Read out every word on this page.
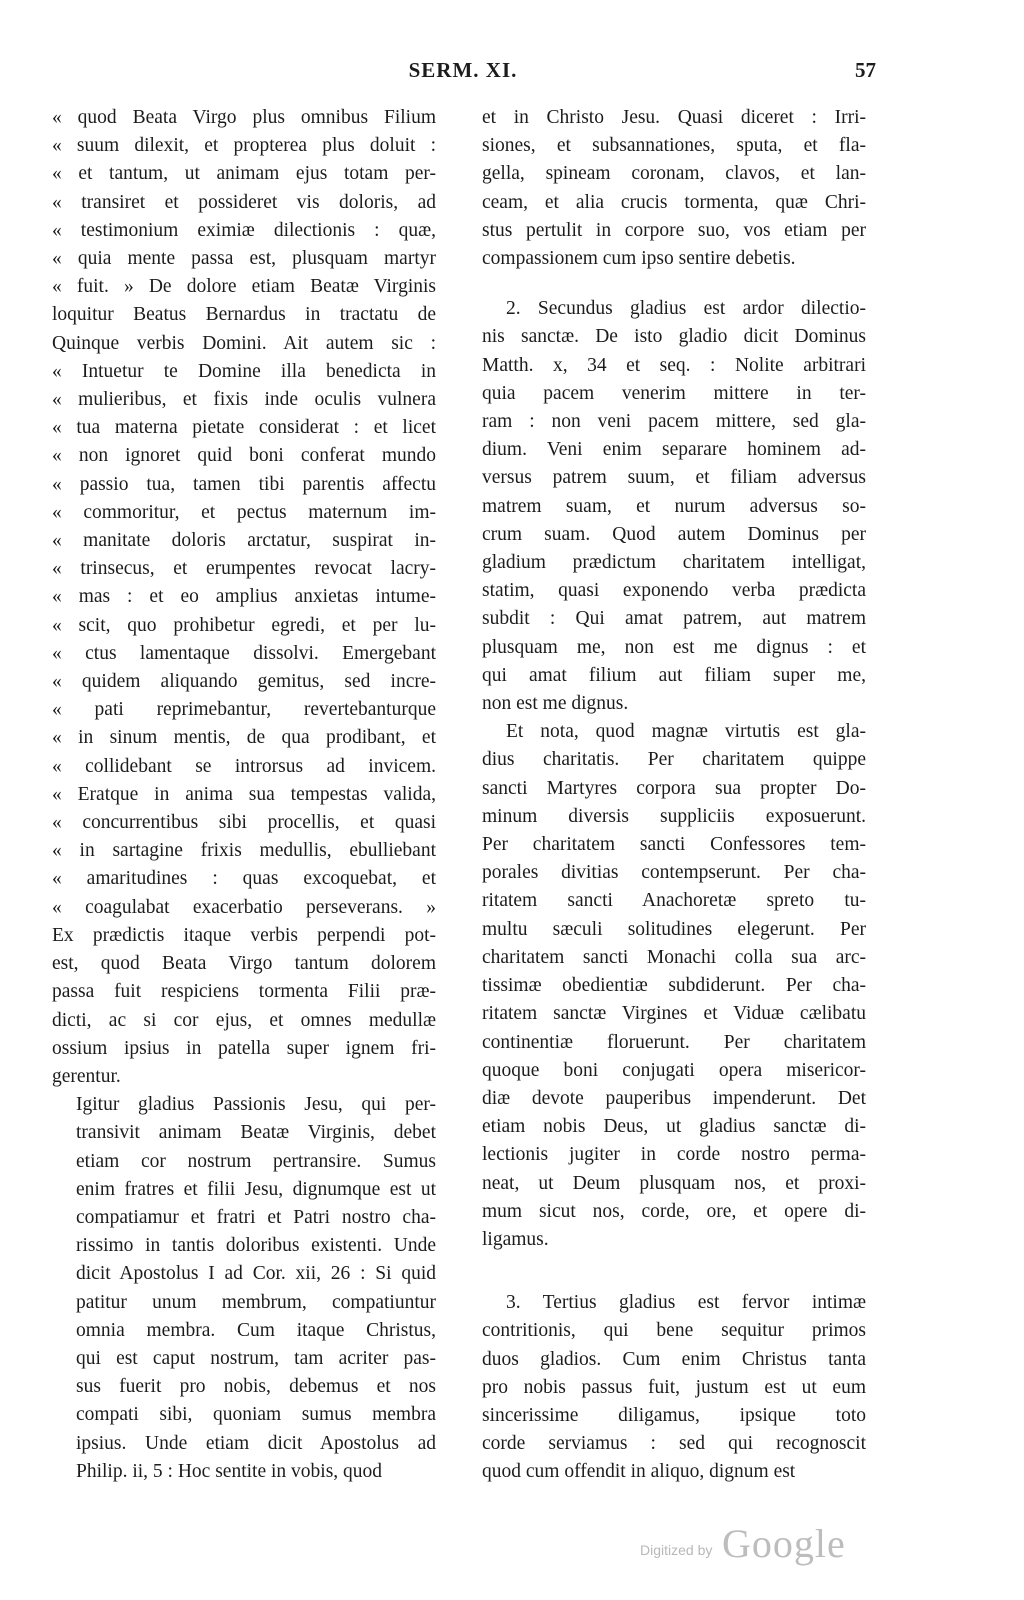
SERM. XI.	57

« quod Beata Virgo plus omnibus Filium
« suum dilexit, et propterea plus doluit :
« et tantum, ut animam ejus totam per-
« transiret et possideret vis doloris, ad
« testimonium eximiæ dilectionis : quæ,
« quia mente passa est, plusquam martyr
« fuit. » De dolore etiam Beatæ Virginis
loquitur Beatus Bernardus in tractatu de
Quinque verbis Domini. Ait autem sic :
« Intuetur te Domine illa benedicta in
« mulieribus, et fixis inde oculis vulnera
« tua materna pietate considerat : et licet
« non ignoret quid boni conferat mundo
« passio tua, tamen tibi parentis affectu
« commoritur, et pectus maternum im-
« manitate doloris arctatur, suspirat in-
« trinsecus, et erumpentes revocat lacry-
« mas : et eo amplius anxietas intume-
« scit, quo prohibetur egredi, et per lu-
« ctus lamentaque dissolvi. Emergebant
« quidem aliquando gemitus, sed incre-
« pati reprimebantur, revertebanturque
« in sinum mentis, de qua prodibant, et
« collidebant se introrsus ad invicem.
« Eratque in anima sua tempestas valida,
« concurrentibus sibi procellis, et quasi
« in sartagine frixis medullis, ebulliebant
« amaritudines : quas excoquebat, et
« coagulabat exacerbatio perseverans. »
Ex prædictis itaque verbis perpendi pot-
est, quod Beata Virgo tantum dolorem
passa fuit respiciens tormenta Filii præ-
dicti, ac si cor ejus, et omnes medullæ
ossium ipsius in patella super ignem fri-
gerentur.

Igitur gladius Passionis Jesu, qui per-
transivit animam Beatæ Virginis, debet
etiam cor nostrum pertransire. Sumus
enim fratres et filii Jesu, dignumque est ut
compatiamur et fratri et Patri nostro cha-
rissimo in tantis doloribus existenti. Unde
dicit Apostolus I ad Cor. xii, 26 : Si quid
patitur unum membrum, compatiuntur
omnia membra. Cum itaque Christus,
qui est caput nostrum, tam acriter pas-
sus fuerit pro nobis, debemus et nos
compati sibi, quoniam sumus membra
ipsius. Unde etiam dicit Apostolus ad
Philip. ii, 5 : Hoc sentite in vobis, quod

et in Christo Jesu. Quasi diceret : Irri-
siones, et subsannationes, sputa, et fla-
gella, spineam coronam, clavos, et lan-
ceam, et alia crucis tormenta, quæ Chri-
stus pertulit in corpore suo, vos etiam per
compassionem cum ipso sentire debetis.

2. Secundus gladius est ardor dilectio-
nis sanctæ. De isto gladio dicit Dominus
Matth. x, 34 et seq. : Nolite arbitrari
quia pacem venerim mittere in ter-
ram : non veni pacem mittere, sed gla-
dium. Veni enim separare hominem ad-
versus patrem suum, et filiam adversus
matrem suam, et nurum adversus so-
crum suam. Quod autem Dominus per
gladium prædictum charitatem intelligat,
statim, quasi exponendo verba prædicta
subdit : Qui amat patrem, aut matrem
plusquam me, non est me dignus : et
qui amat filium aut filiam super me,
non est me dignus.

Et nota, quod magnæ virtutis est gla-
dius charitatis. Per charitatem quippe
sancti Martyres corpora sua propter Do-
minum diversis suppliciis exposuerunt.
Per charitatem sancti Confessores tem-
porales divitias contempserunt. Per cha-
ritatem sancti Anachoretæ spreto tu-
multu sæculi solitudines elegerunt. Per
charitatem sancti Monachi colla sua arc-
tissimæ obedientiæ subdiderunt. Per cha-
ritatem sanctæ Virgines et Viduæ cælibatu
continentiæ floruerunt. Per charitatem
quoque boni conjugati opera misericor-
diæ devote pauperibus impenderunt. Det
etiam nobis Deus, ut gladius sanctæ di-
lectionis jugiter in corde nostro perma-
neat, ut Deum plusquam nos, et proxi-
mum sicut nos, corde, ore, et opere di-
ligamus.

3. Tertius gladius est fervor intimæ
contritionis, qui bene sequitur primos
duos gladios. Cum enim Christus tanta
pro nobis passus fuit, justum est ut eum
sincerissime diligamus, ipsique toto
corde serviamus : sed qui recognoscit
quod cum offendit in aliquo, dignum est

Digitized by Google
